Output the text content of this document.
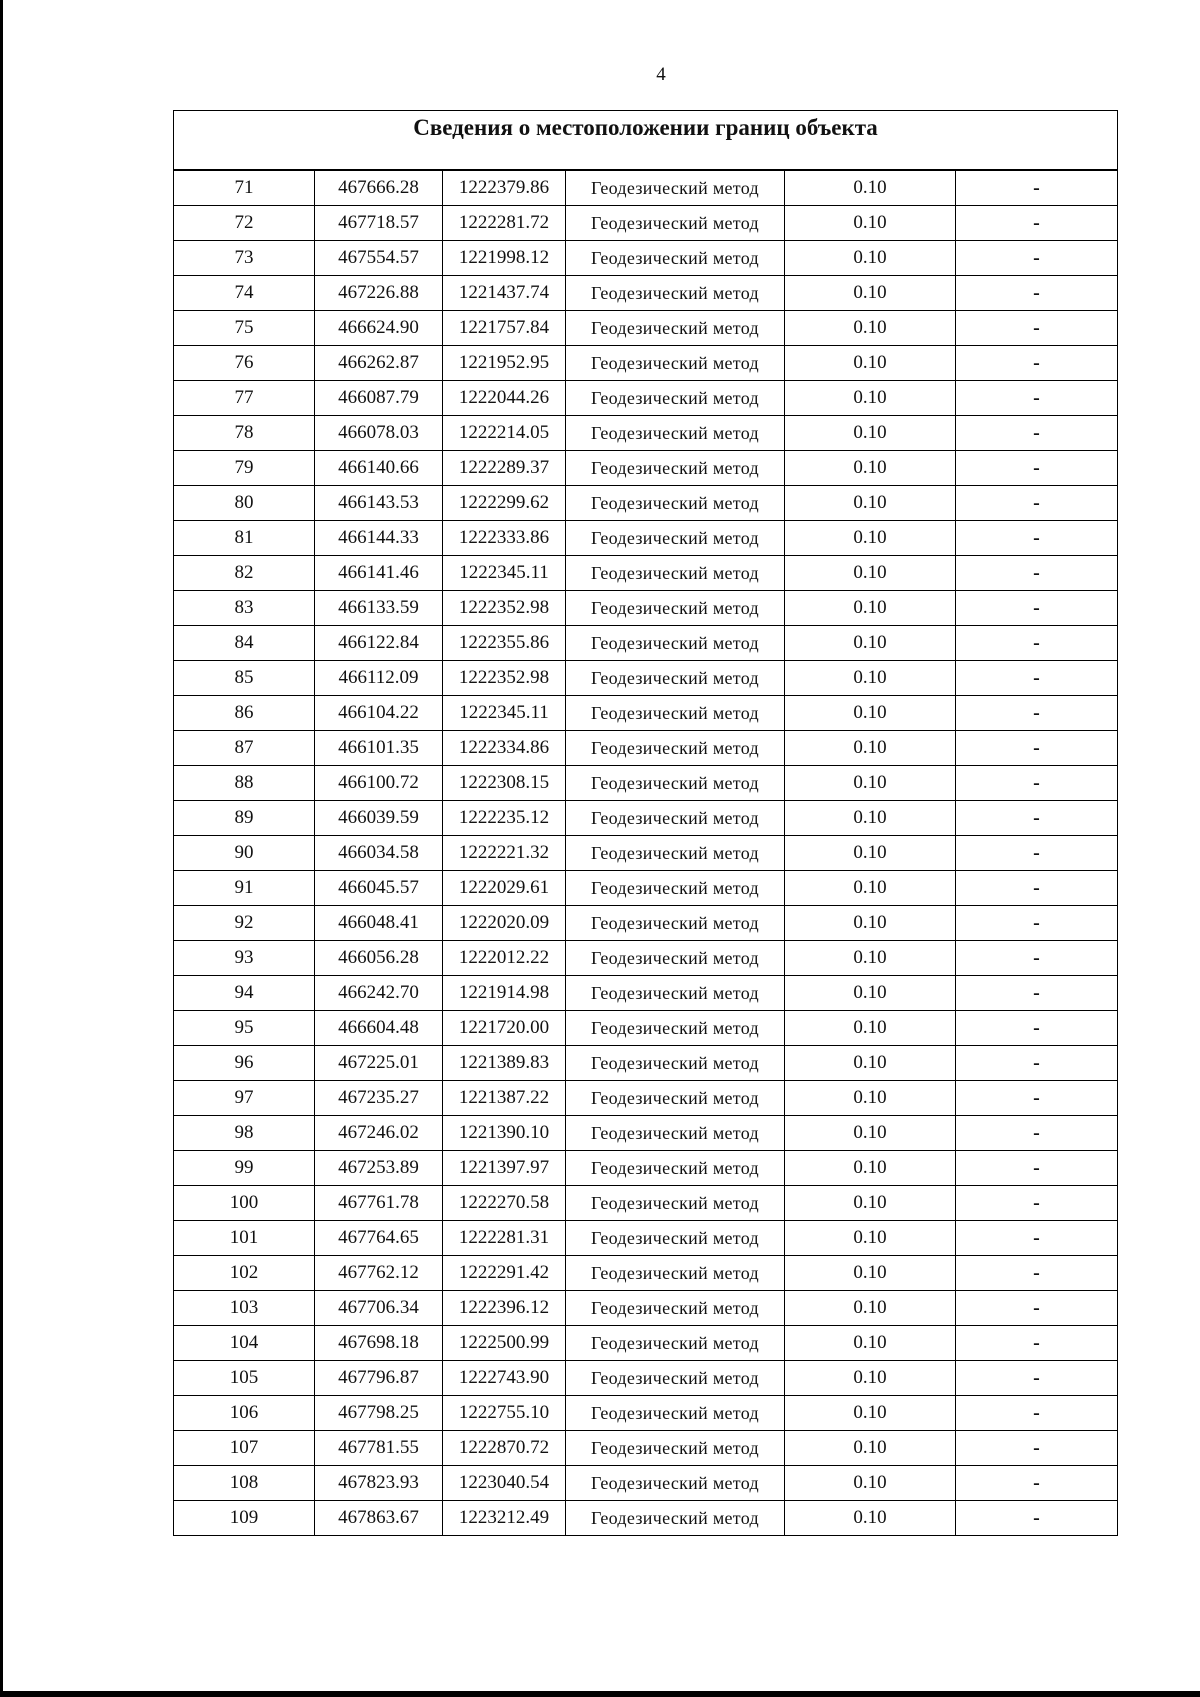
4
Сведения о местоположении границ объекта					
71	467666.28	1222379.86	Геодезический метод	0.10	-
72	467718.57	1222281.72	Геодезический метод	0.10	-
73	467554.57	1221998.12	Геодезический метод	0.10	-
74	467226.88	1221437.74	Геодезический метод	0.10	-
75	466624.90	1221757.84	Геодезический метод	0.10	-
76	466262.87	1221952.95	Геодезический метод	0.10	-
77	466087.79	1222044.26	Геодезический метод	0.10	-
78	466078.03	1222214.05	Геодезический метод	0.10	-
79	466140.66	1222289.37	Геодезический метод	0.10	-
80	466143.53	1222299.62	Геодезический метод	0.10	-
81	466144.33	1222333.86	Геодезический метод	0.10	-
82	466141.46	1222345.11	Геодезический метод	0.10	-
83	466133.59	1222352.98	Геодезический метод	0.10	-
84	466122.84	1222355.86	Геодезический метод	0.10	-
85	466112.09	1222352.98	Геодезический метод	0.10	-
86	466104.22	1222345.11	Геодезический метод	0.10	-
87	466101.35	1222334.86	Геодезический метод	0.10	-
88	466100.72	1222308.15	Геодезический метод	0.10	-
89	466039.59	1222235.12	Геодезический метод	0.10	-
90	466034.58	1222221.32	Геодезический метод	0.10	-
91	466045.57	1222029.61	Геодезический метод	0.10	-
92	466048.41	1222020.09	Геодезический метод	0.10	-
93	466056.28	1222012.22	Геодезический метод	0.10	-
94	466242.70	1221914.98	Геодезический метод	0.10	-
95	466604.48	1221720.00	Геодезический метод	0.10	-
96	467225.01	1221389.83	Геодезический метод	0.10	-
97	467235.27	1221387.22	Геодезический метод	0.10	-
98	467246.02	1221390.10	Геодезический метод	0.10	-
99	467253.89	1221397.97	Геодезический метод	0.10	-
100	467761.78	1222270.58	Геодезический метод	0.10	-
101	467764.65	1222281.31	Геодезический метод	0.10	-
102	467762.12	1222291.42	Геодезический метод	0.10	-
103	467706.34	1222396.12	Геодезический метод	0.10	-
104	467698.18	1222500.99	Геодезический метод	0.10	-
105	467796.87	1222743.90	Геодезический метод	0.10	-
106	467798.25	1222755.10	Геодезический метод	0.10	-
107	467781.55	1222870.72	Геодезический метод	0.10	-
108	467823.93	1223040.54	Геодезический метод	0.10	-
109	467863.67	1223212.49	Геодезический метод	0.10	-
